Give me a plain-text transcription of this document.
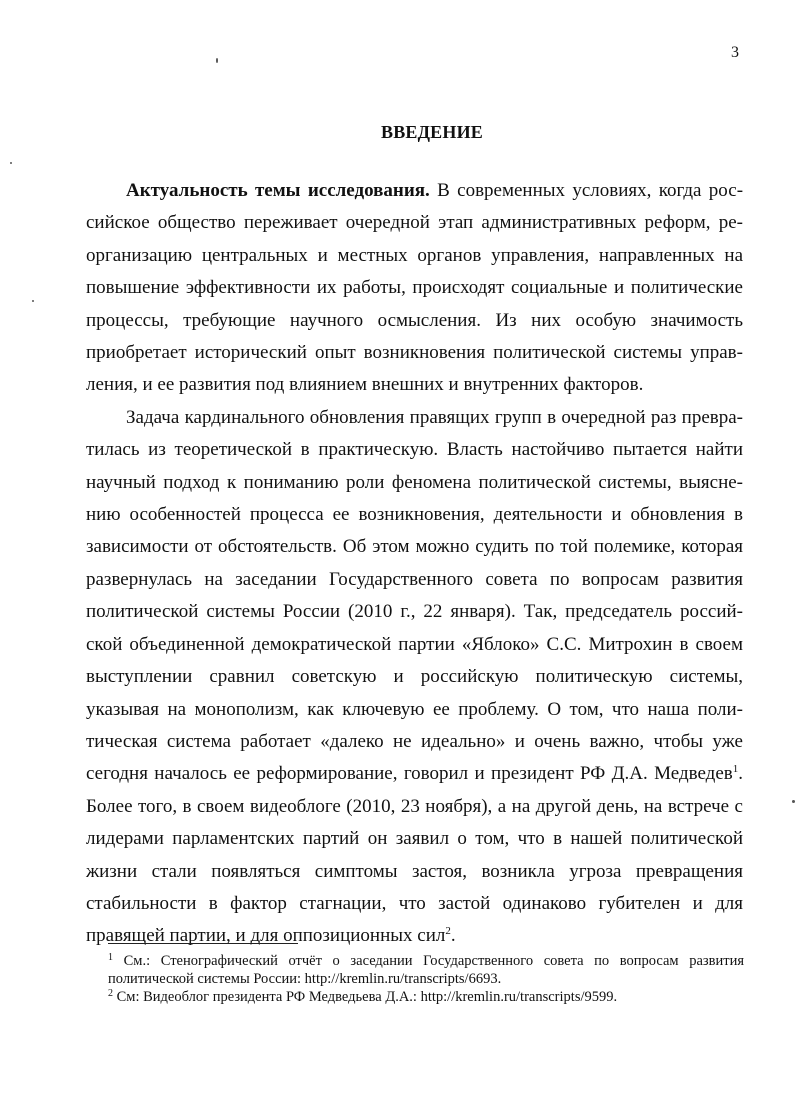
3
ВВЕДЕНИЕ

Актуальность темы исследования. В современных условиях, когда российское общество переживает очередной этап административных реформ, реорганизацию центральных и местных органов управления, направленных на повышение эффективности их работы, происходят социальные и политические процессы, требующие научного осмысления. Из них особую значимость приобретает исторический опыт возникновения политической системы управления, и ее развития под влиянием внешних и внутренних факторов.

Задача кардинального обновления правящих групп в очередной раз превратилась из теоретической в практическую. Власть настойчиво пытается найти научный подход к пониманию роли феномена политической системы, выяснению особенностей процесса ее возникновения, деятельности и обновления в зависимости от обстоятельств. Об этом можно судить по той полемике, которая развернулась на заседании Государственного совета по вопросам развития политической системы России (2010 г., 22 января). Так, председатель российской объединенной демократической партии «Яблоко» С.С. Митрохин в своем выступлении сравнил советскую и российскую политическую системы, указывая на монополизм, как ключевую ее проблему. О том, что наша политическая система работает «далеко не идеально» и очень важно, чтобы уже сегодня началось ее реформирование, говорил и президент РФ Д.А. Медведев$^1$. Более того, в своем видеоблоге (2010, 23 ноября), а на другой день, на встрече с лидерами парламентских партий он заявил о том, что в нашей политической жизни стали появляться симптомы застоя, возникла угроза превращения стабильности в фактор стагнации, что застой одинаково губителен и для правящей партии, и для оппозиционных сил$^2$.

$^1$ См.: Стенографический отчёт о заседании Государственного совета по вопросам развития политической системы России: http://kremlin.ru/transcripts/6693.

$^2$ См: Видеоблог президента РФ Медведьева Д.А.: http://kremlin.ru/transcripts/9599.
